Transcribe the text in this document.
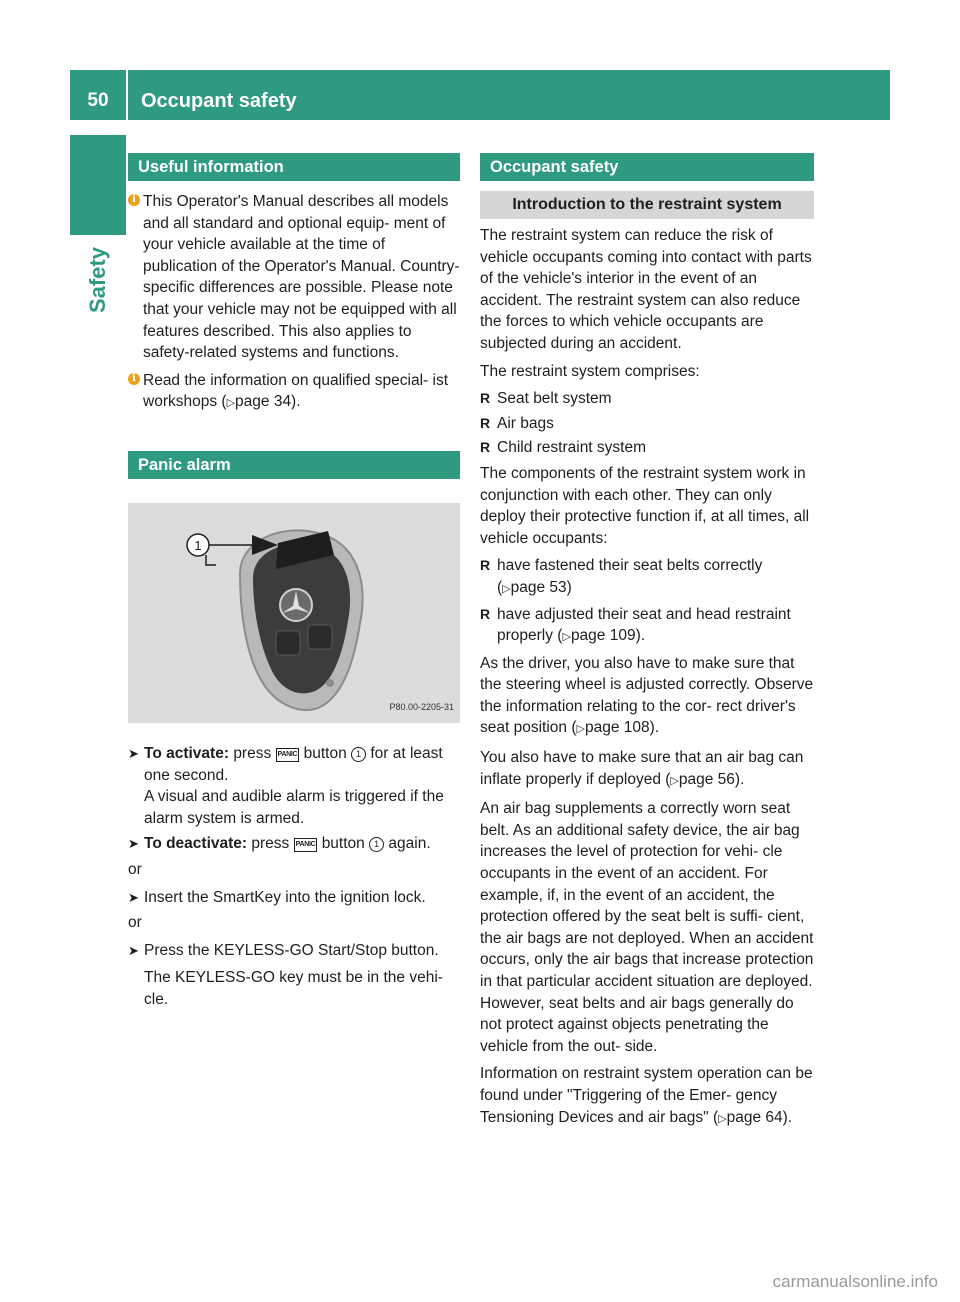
50	Occupant safety
Safety
Useful information
i This Operator's Manual describes all models and all standard and optional equip- ment of your vehicle available at the time of publication of the Operator's Manual. Country-specific differences are possible. Please note that your vehicle may not be equipped with all features described. This also applies to safety-related systems and functions.
i Read the information on qualified special- ist workshops (▷page 34).
Panic alarm
1
P80.00-2205-31
➤ To activate: press PANIC button 1 for at least one second.
A visual and audible alarm is triggered if the alarm system is armed.
➤ To deactivate: press PANIC button 1 again.

or

➤ Insert the SmartKey into the ignition lock.

or

➤ Press the KEYLESS-GO Start/Stop button.
The KEYLESS-GO key must be in the vehi- cle.
Occupant safety
Introduction to the restraint system

The restraint system can reduce the risk of vehicle occupants coming into contact with parts of the vehicle's interior in the event of an accident. The restraint system can also reduce the forces to which vehicle occupants are subjected during an accident.

The restraint system comprises:

R Seat belt system
R Air bags
R Child restraint system

The components of the restraint system work in conjunction with each other. They can only deploy their protective function if, at all times, all vehicle occupants:

R have fastened their seat belts correctly (▷page 53)
R have adjusted their seat and head restraint properly (▷page 109).

As the driver, you also have to make sure that the steering wheel is adjusted correctly. Observe the information relating to the cor- rect driver's seat position (▷page 108).

You also have to make sure that an air bag can inflate properly if deployed (▷page 56).

An air bag supplements a correctly worn seat belt. As an additional safety device, the air bag increases the level of protection for vehi- cle occupants in the event of an accident. For example, if, in the event of an accident, the protection offered by the seat belt is suffi- cient, the air bags are not deployed. When an accident occurs, only the air bags that increase protection in that particular accident situation are deployed. However, seat belts and air bags generally do not protect against objects penetrating the vehicle from the out- side.

Information on restraint system operation can be found under "Triggering of the Emer- gency Tensioning Devices and air bags" (▷page 64).

carmanualsonline.info
